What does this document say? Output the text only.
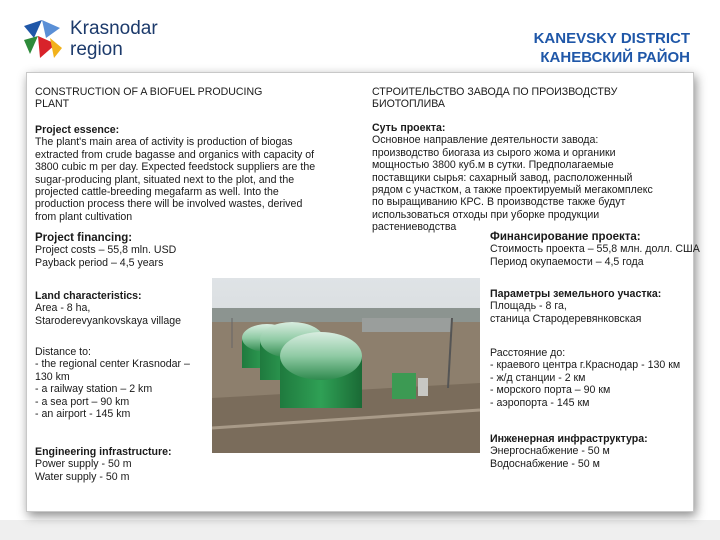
Krasnodar
region
KANEVSKY DISTRICT
КАНЕВСКИЙ РАЙОН
CONSTRUCTION OF A BIOFUEL PRODUCING
PLANT
Project essence:
The plant's main area of activity is production of biogas
extracted from crude bagasse and organics with capacity of
3800 cubic m per day. Expected feedstock suppliers are the
sugar-producing plant, situated next to the plot, and the
projected cattle-breeding megafarm as well. Into the
production process there will be involved wastes, derived
from plant cultivation
Project financing:
Project costs – 55,8 mln. USD
Payback period – 4,5 years
Land characteristics:
Area - 8 ha,
Staroderevyankovskaya village
Distance to:
- the regional center Krasnodar –
130 km
- a railway station – 2 km
- a sea port – 90 km
- an airport - 145 km
Engineering infrastructure:
Power supply - 50 m
Water supply - 50 m
СТРОИТЕЛЬСТВО ЗАВОДА ПО ПРОИЗВОДСТВУ
БИОТОПЛИВА
Суть проекта:
Основное направление деятельности завода:
производство биогаза из сырого жома и органики
мощностью 3800 куб.м в сутки. Предполагаемые
поставщики сырья: сахарный завод, расположенный
рядом с участком, а также проектируемый мегакомплекс
по выращиванию КРС. В производстве также будут
использоваться отходы при уборке продукции
растениеводства
Финансирование проекта:
Стоимость проекта – 55,8 млн. долл. США
Период окупаемости – 4,5 года
Параметры земельного участка:
Площадь - 8 га,
станица Стародеревянковская
Расстояние до:
- краевого центра г.Краснодар - 130 км
- ж/д станции - 2 км
- морского порта – 90 км
- аэропорта - 145 км
Инженерная инфраструктура:
Энергоснабжение - 50 м
Водоснабжение - 50 м
